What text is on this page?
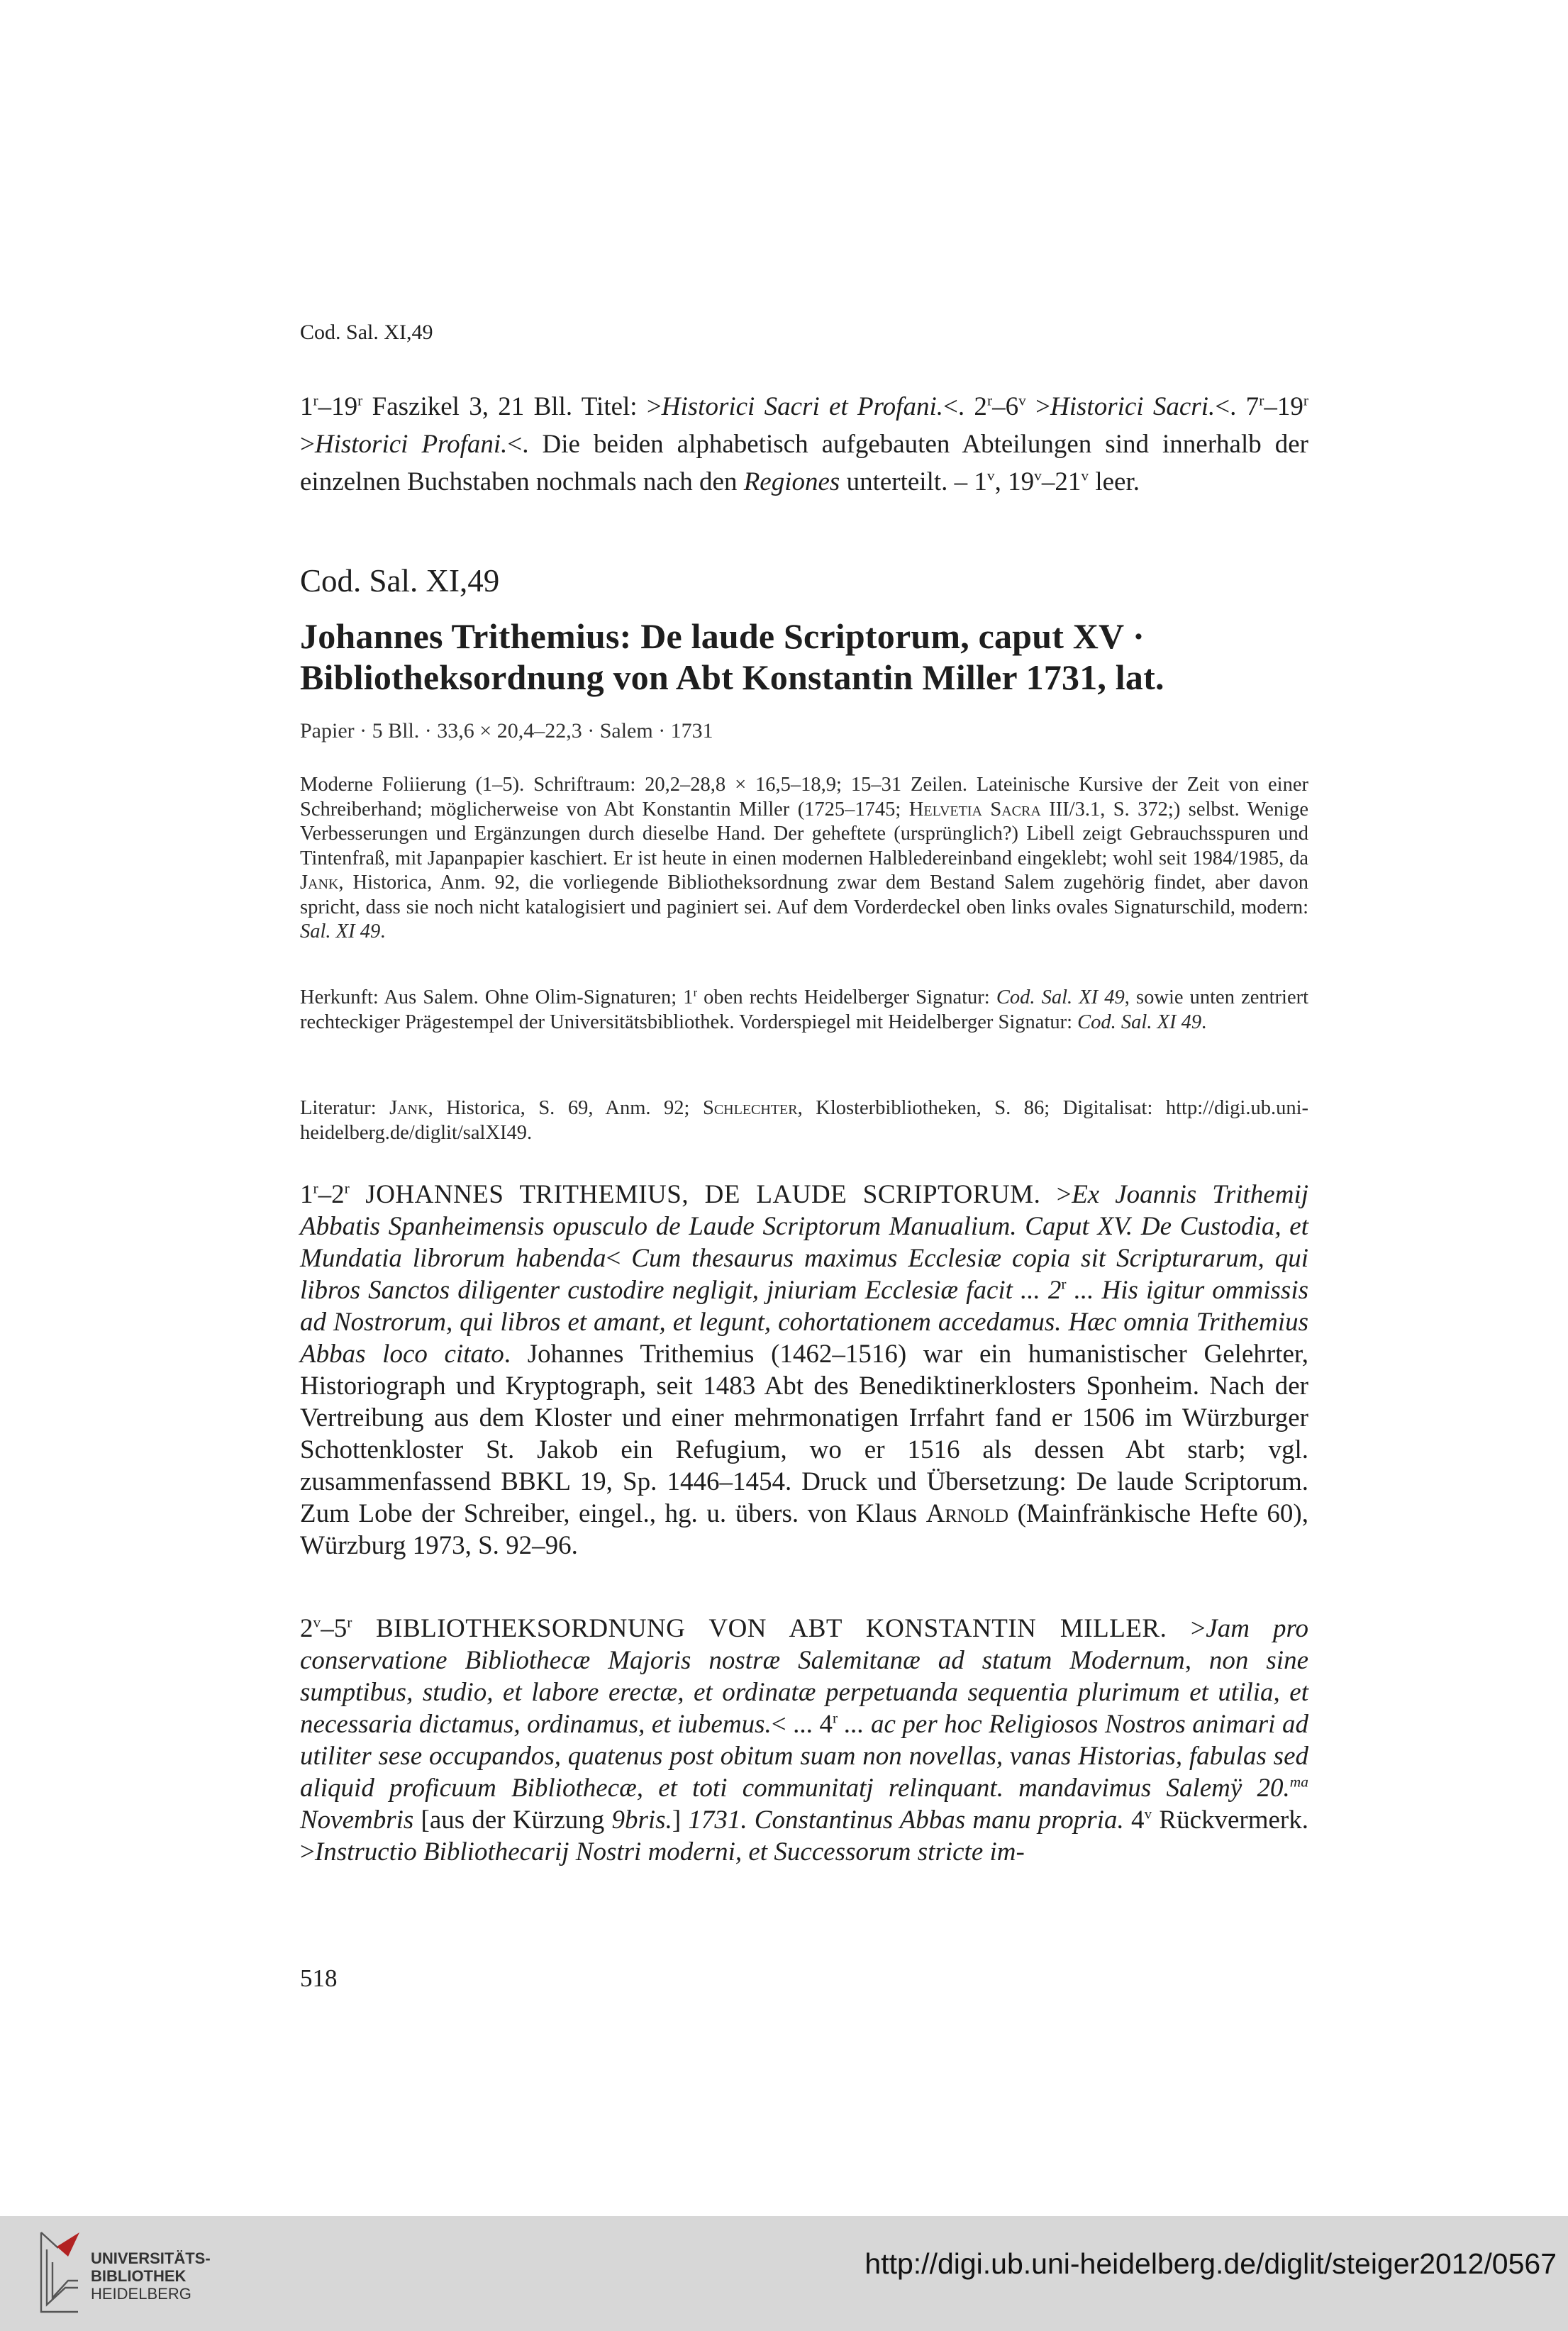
Cod. Sal. XI,49
1$^r$–19$^r$ Faszikel 3, 21 Bll. Titel: >Historici Sacri et Profani.<. $2^r-6^v$ >Historici Sacri.<. $7^r-19^r$ >Historici Profani.<. Die beiden alphabetisch aufgebauten Abteilungen sind innerhalb der einzelnen Buchstaben nochmals nach den Regiones unterteilt. – 1$^v$, 19$^v$–21$^v$ leer.
Cod. Sal. XI,49
Johannes Trithemius: De laude Scriptorum, caput XV · Bibliotheksordnung von Abt Konstantin Miller 1731, lat.
Papier · 5 Bll. · 33,6 × 20,4–22,3 · Salem · 1731
Moderne Foliierung (1–5). Schriftraum: 20,2–28,8 × 16,5–18,9; 15–31 Zeilen. Lateinische Kursive der Zeit von einer Schreiberhand; möglicherweise von Abt Konstantin Miller (1725–1745; Helvetia Sacra III/3.1, S. 372;) selbst. Wenige Verbesserungen und Ergänzungen durch dieselbe Hand. Der geheftete (ursprünglich?) Libell zeigt Gebrauchsspuren und Tintenfraß, mit Japanpapier kaschiert. Er ist heute in einen modernen Halbledereinband eingeklebt; wohl seit 1984/1985, da Jank, Historica, Anm. 92, die vorliegende Bibliotheksordnung zwar dem Bestand Salem zugehörig findet, aber davon spricht, dass sie noch nicht katalogisiert und paginiert sei. Auf dem Vorderdeckel oben links ovales Signaturschild, modern: Sal. XI 49.
Herkunft: Aus Salem. Ohne Olim-Signaturen; 1$^r$ oben rechts Heidelberger Signatur: Cod. Sal. XI 49, sowie unten zentriert rechteckiger Prägestempel der Universitätsbibliothek. Vorderspiegel mit Heidelberger Signatur: Cod. Sal. XI 49.
Literatur: Jank, Historica, S. 69, Anm. 92; Schlechter, Klosterbibliotheken, S. 86; Digitalisat: http://digi.ub.uni-heidelberg.de/diglit/salXI49.
1$^r$–2$^r$ JOHANNES TRITHEMIUS, DE LAUDE SCRIPTORUM. >Ex Joannis Trithemij Abbatis Spanheimensis opusculo de Laude Scriptorum Manualium. Caput XV. De Custodia, et Mundatia librorum habenda< Cum thesaurus maximus Ecclesiæ copia sit Scripturarum, qui libros Sanctos diligenter custodire negligit, jniuriam Ecclesiæ facit ... 2$^r$ ... His igitur ommissis ad Nostrorum, qui libros et amant, et legunt, cohortationem accedamus. Hæc omnia Trithemius Abbas loco citato. Johannes Trithemius (1462–1516) war ein humanistischer Gelehrter, Historiograph und Kryptograph, seit 1483 Abt des Benediktinerklosters Sponheim. Nach der Vertreibung aus dem Kloster und einer mehrmonatigen Irrfahrt fand er 1506 im Würzburger Schottenkloster St. Jakob ein Refugium, wo er 1516 als dessen Abt starb; vgl. zusammenfassend BBKL 19, Sp. 1446–1454. Druck und Übersetzung: De laude Scriptorum. Zum Lobe der Schreiber, eingel., hg. u. übers. von Klaus Arnold (Mainfränkische Hefte 60), Würzburg 1973, S. 92–96.
2$^v$–5$^r$ BIBLIOTHEKSORDNUNG VON ABT KONSTANTIN MILLER. >Jam pro conservatione Bibliothecæ Majoris nostræ Salemitanæ ad statum Modernum, non sine sumptibus, studio, et labore erectæ, et ordinatæ perpetuanda sequentia plurimum et utilia, et necessaria dictamus, ordinamus, et iubemus.< ... 4$^r$ ... ac per hoc Religiosos Nostros animari ad utiliter sese occupandos, quatenus post obitum suam non novellas, vanas Historias, fabulas sed aliquid proficuum Bibliothecæ, et toti communitatj relinquant. mandavimus Salemÿ 20.$^{ma}$ Novembris [aus der Kürzung 9bris.] 1731. Constantinus Abbas manu propria. 4$^v$ Rückvermerk. >Instructio Bibliothecarij Nostri moderni, et Successorum stricte im-
518
UNIVERSITÄTS-
BIBLIOTHEK
HEIDELBERG
http://digi.ub.uni-heidelberg.de/diglit/steiger2012/0567
